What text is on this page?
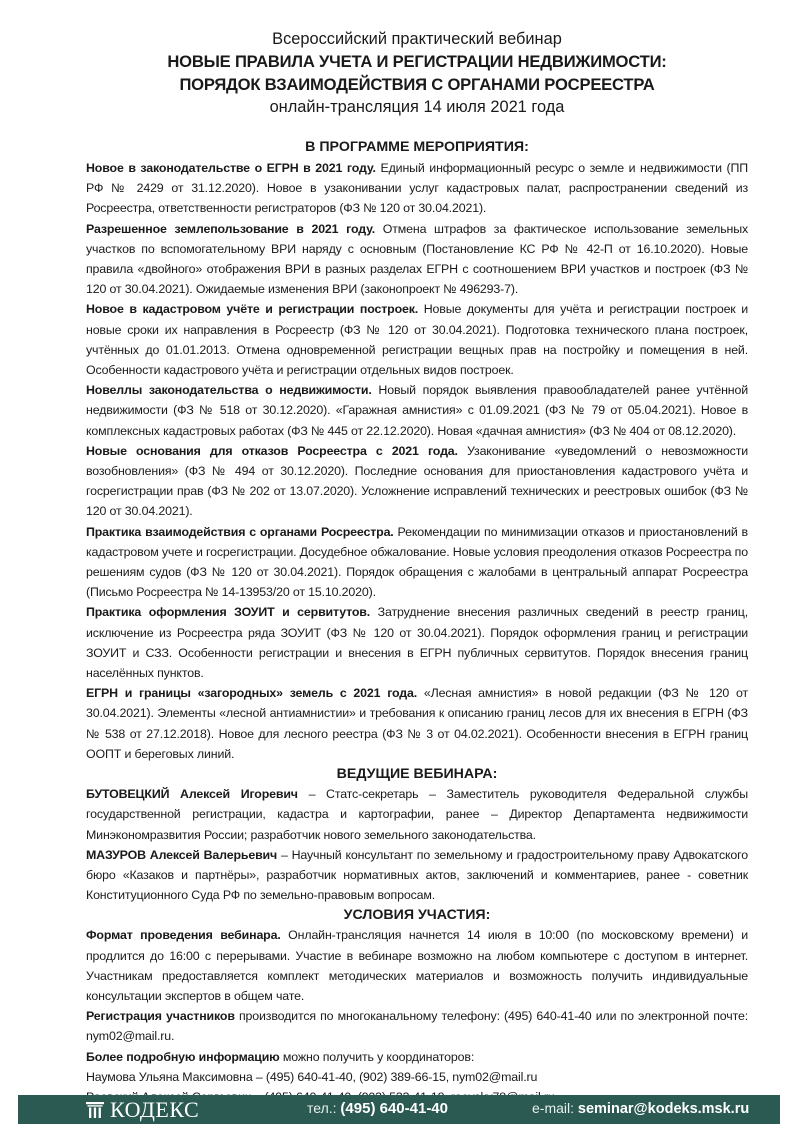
Всероссийский практический вебинар
НОВЫЕ ПРАВИЛА УЧЕТА И РЕГИСТРАЦИИ НЕДВИЖИМОСТИ:
ПОРЯДОК ВЗАИМОДЕЙСТВИЯ С ОРГАНАМИ РОСРЕЕСТРА
онлайн-трансляция 14 июля 2021 года
В ПРОГРАММЕ МЕРОПРИЯТИЯ:

Новое в законодательстве о ЕГРН в 2021 году. Единый информационный ресурс о земле и недвижимости (ПП РФ № 2429 от 31.12.2020). Новое в узаконивании услуг кадастровых палат, распространении сведений из Росреестра, ответственности регистраторов (ФЗ № 120 от 30.04.2021).

Разрешенное землепользование в 2021 году. Отмена штрафов за фактическое использование земельных участков по вспомогательному ВРИ наряду с основным (Постановление КС РФ № 42-П от 16.10.2020). Новые правила «двойного» отображения ВРИ в разных разделах ЕГРН с соотношением ВРИ участков и построек (ФЗ № 120 от 30.04.2021). Ожидаемые изменения ВРИ (законопроект № 496293-7).

Новое в кадастровом учёте и регистрации построек. Новые документы для учёта и регистрации построек и новые сроки их направления в Росреестр (ФЗ № 120 от 30.04.2021). Подготовка технического плана построек, учтённых до 01.01.2013. Отмена одновременной регистрации вещных прав на постройку и помещения в ней. Особенности кадастрового учёта и регистрации отдельных видов построек.

Новеллы законодательства о недвижимости. Новый порядок выявления правообладателей ранее учтённой недвижимости (ФЗ № 518 от 30.12.2020). «Гаражная амнистия» с 01.09.2021 (ФЗ № 79 от 05.04.2021). Новое в комплексных кадастровых работах (ФЗ № 445 от 22.12.2020). Новая «дачная амнистия» (ФЗ № 404 от 08.12.2020).

Новые основания для отказов Росреестра с 2021 года. Узаконивание «уведомлений о невозможности возобновления» (ФЗ № 494 от 30.12.2020). Последние основания для приостановления кадастрового учёта и госрегистрации прав (ФЗ № 202 от 13.07.2020). Усложнение исправлений технических и реестровых ошибок (ФЗ № 120 от 30.04.2021).

Практика взаимодействия с органами Росреестра. Рекомендации по минимизации отказов и приостановлений в кадастровом учете и госрегистрации. Досудебное обжалование. Новые условия преодоления отказов Росреестра по решениям судов (ФЗ № 120 от 30.04.2021). Порядок обращения с жалобами в центральный аппарат Росреестра (Письмо Росреестра № 14-13953/20 от 15.10.2020).

Практика оформления ЗОУИТ и сервитутов. Затруднение внесения различных сведений в реестр границ, исключение из Росреестра ряда ЗОУИТ (ФЗ № 120 от 30.04.2021). Порядок оформления границ и регистрации ЗОУИТ и СЗЗ. Особенности регистрации и внесения в ЕГРН публичных сервитутов. Порядок внесения границ населённых пунктов.

ЕГРН и границы «загородных» земель с 2021 года. «Лесная амнистия» в новой редакции (ФЗ № 120 от 30.04.2021). Элементы «лесной антиамнистии» и требования к описанию границ лесов для их внесения в ЕГРН (ФЗ № 538 от 27.12.2018). Новое для лесного реестра (ФЗ № 3 от 04.02.2021). Особенности внесения в ЕГРН границ ООПТ и береговых линий.

ВЕДУЩИЕ ВЕБИНАРА:

БУТОВЕЦКИЙ Алексей Игоревич – Статс-секретарь – Заместитель руководителя Федеральной службы государственной регистрации, кадастра и картографии, ранее – Директор Департамента недвижимости Минэкономразвития России; разработчик нового земельного законодательства.

МАЗУРОВ Алексей Валерьевич – Научный консультант по земельному и градостроительному праву Адвокатского бюро «Казаков и партнёры», разработчик нормативных актов, заключений и комментариев, ранее - советник Конституционного Суда РФ по земельно-правовым вопросам.

УСЛОВИЯ УЧАСТИЯ:

Формат проведения вебинара. Онлайн-трансляция начнется 14 июля в 10:00 (по московскому времени) и продлится до 16:00 с перерывами. Участие в вебинаре возможно на любом компьютере с доступом в интернет. Участникам предоставляется комплект методических материалов и возможность получить индивидуальные консультации экспертов в общем чате.

Регистрация участников производится по многоканальному телефону: (495) 640-41-40 или по электронной почте: nym02@mail.ru.

Более подробную информацию можно получить у координаторов:

Наумова Ульяна Максимовна – (495) 640-41-40, (902) 389-66-15, nym02@mail.ru

КОДЕКС	тел.: (495) 640-41-40	e-mail: seminar@kodeks.msk.ru
